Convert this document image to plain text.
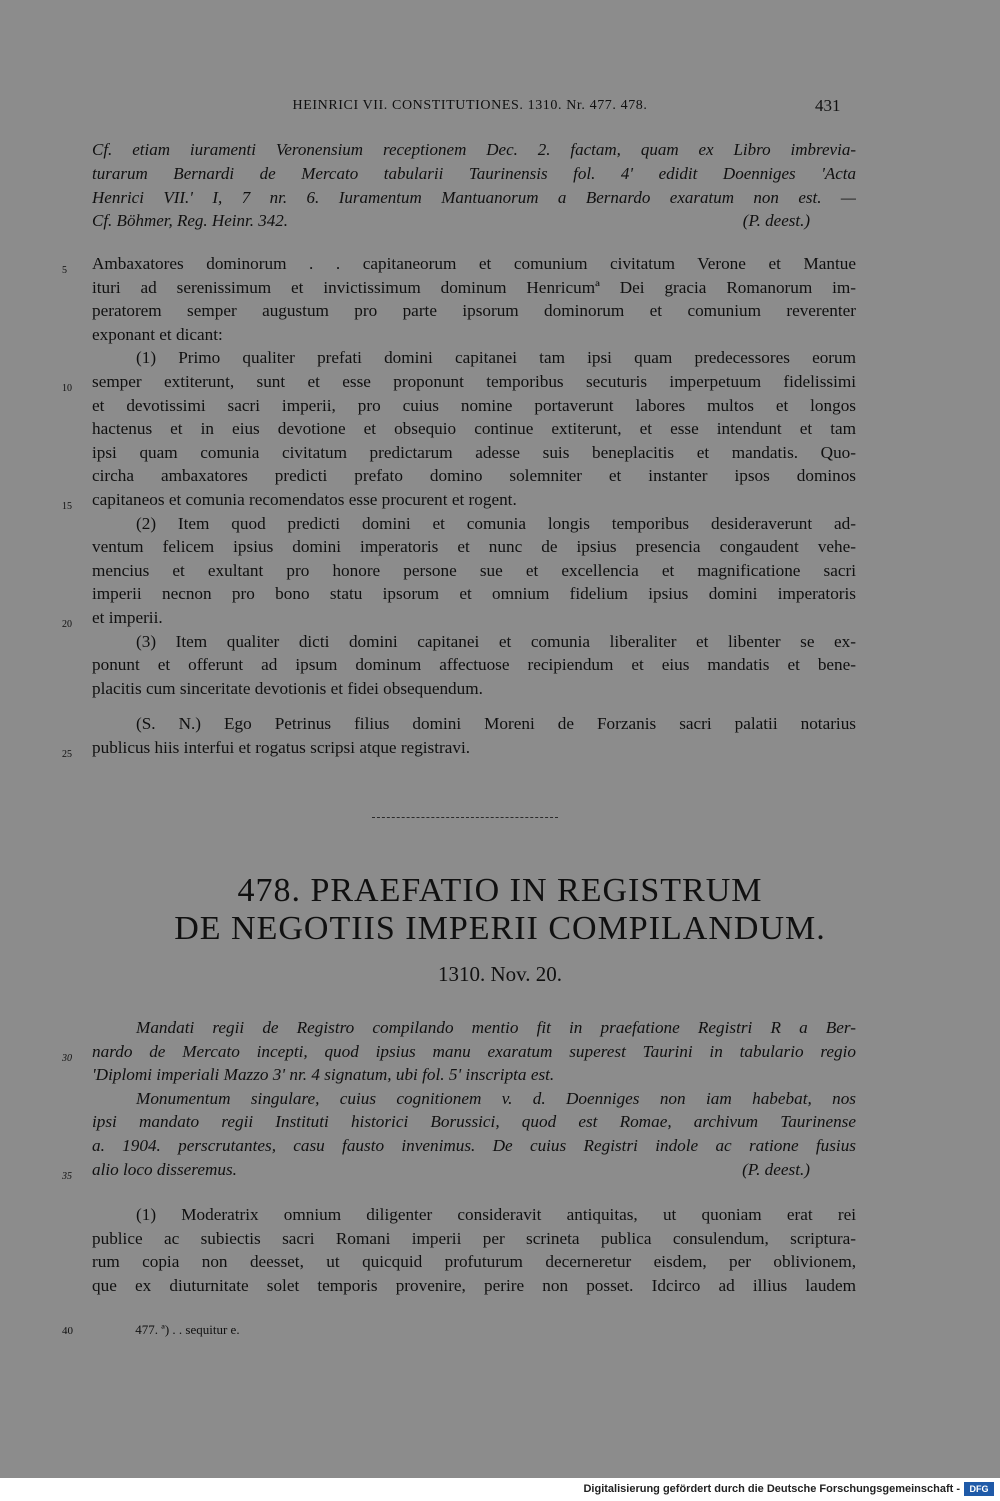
HEINRICI VII. CONSTITUTIONES. 1310. Nr. 477. 478.	431
Cf. etiam iuramenti Veronensium receptionem Dec. 2. factam, quam ex Libro imbrevia-
turarum Bernardi de Mercato tabularii Taurinensis fol. 4' edidit Doenniges 'Acta
Henrici VII.' I, 7 nr. 6. Iuramentum Mantuanorum a Bernardo exaratum non est. —
Cf. Böhmer, Reg. Heinr. 342.	(P. deest.)
5	Ambaxatores dominorum . . capitaneorum et comunium civitatum Verone et Mantue
ituri ad serenissimum et invictissimum dominum Henricumª Dei gracia Romanorum im-
peratorem semper augustum pro parte ipsorum dominorum et comunium reverenter
exponant et dicant:
(1) Primo qualiter prefati domini capitanei tam ipsi quam predecessores eorum
10	semper extiterunt, sunt et esse proponunt temporibus secuturis imperpetuum fidelissimi
et devotissimi sacri imperii, pro cuius nomine portaverunt labores multos et longos
hactenus et in eius devotione et obsequio continue extiterunt, et esse intendunt et tam
ipsi quam comunia civitatum predictarum adesse suis beneplacitis et mandatis. Quo-
circha ambaxatores predicti prefato domino solemniter et instanter ipsos dominos
15	capitaneos et comunia recomendatos esse procurent et rogent.
(2) Item quod predicti domini et comunia longis temporibus desideraverunt ad-
ventum felicem ipsius domini imperatoris et nunc de ipsius presencia congaudent vehe-
mencius et exultant pro honore persone sue et excellencia et magnificatione sacri
imperii necnon pro bono statu ipsorum et omnium fidelium ipsius domini imperatoris
20	et imperii.
(3) Item qualiter dicti domini capitanei et comunia liberaliter et libenter se ex-
ponunt et offerunt ad ipsum dominum affectuose recipiendum et eius mandatis et bene-
placitis cum sinceritate devotionis et fidei obsequendum.
(S. N.) Ego Petrinus filius domini Moreni de Forzanis sacri palatii notarius
25	publicus hiis interfui et rogatus scripsi atque registravi.
478. PRAEFATIO IN REGISTRUM
DE NEGOTIIS IMPERII COMPILANDUM.
1310. Nov. 20.
Mandati regii de Registro compilando mentio fit in praefatione Registri R a Ber-
30	nardo de Mercato incepti, quod ipsius manu exaratum superest Taurini in tabulario regio
'Diplomi imperiali Mazzo 3' nr. 4 signatum, ubi fol. 5' inscripta est.
Monumentum singulare, cuius cognitionem v. d. Doenniges non iam habebat, nos
ipsi mandato regii Instituti historici Borussici, quod est Romae, archivum Taurinense
a. 1904. perscrutantes, casu fausto invenimus. De cuius Registri indole ac ratione fusius
35	alio loco disseremus.	(P. deest.)
(1) Moderatrix omnium diligenter consideravit antiquitas, ut quoniam erat rei
publice ac subiectis sacri Romani imperii per scrineta publica consulendum, scriptura-
rum copia non deesset, ut quicquid profuturum decerneretur eisdem, per oblivionem,
que ex diuturnitate solet temporis provenire, perire non posset. Idcirco ad illius laudem
40	477. ª) . . sequitur e.
Digitalisierung gefördert durch die Deutsche Forschungsgemeinschaft -	DFG
